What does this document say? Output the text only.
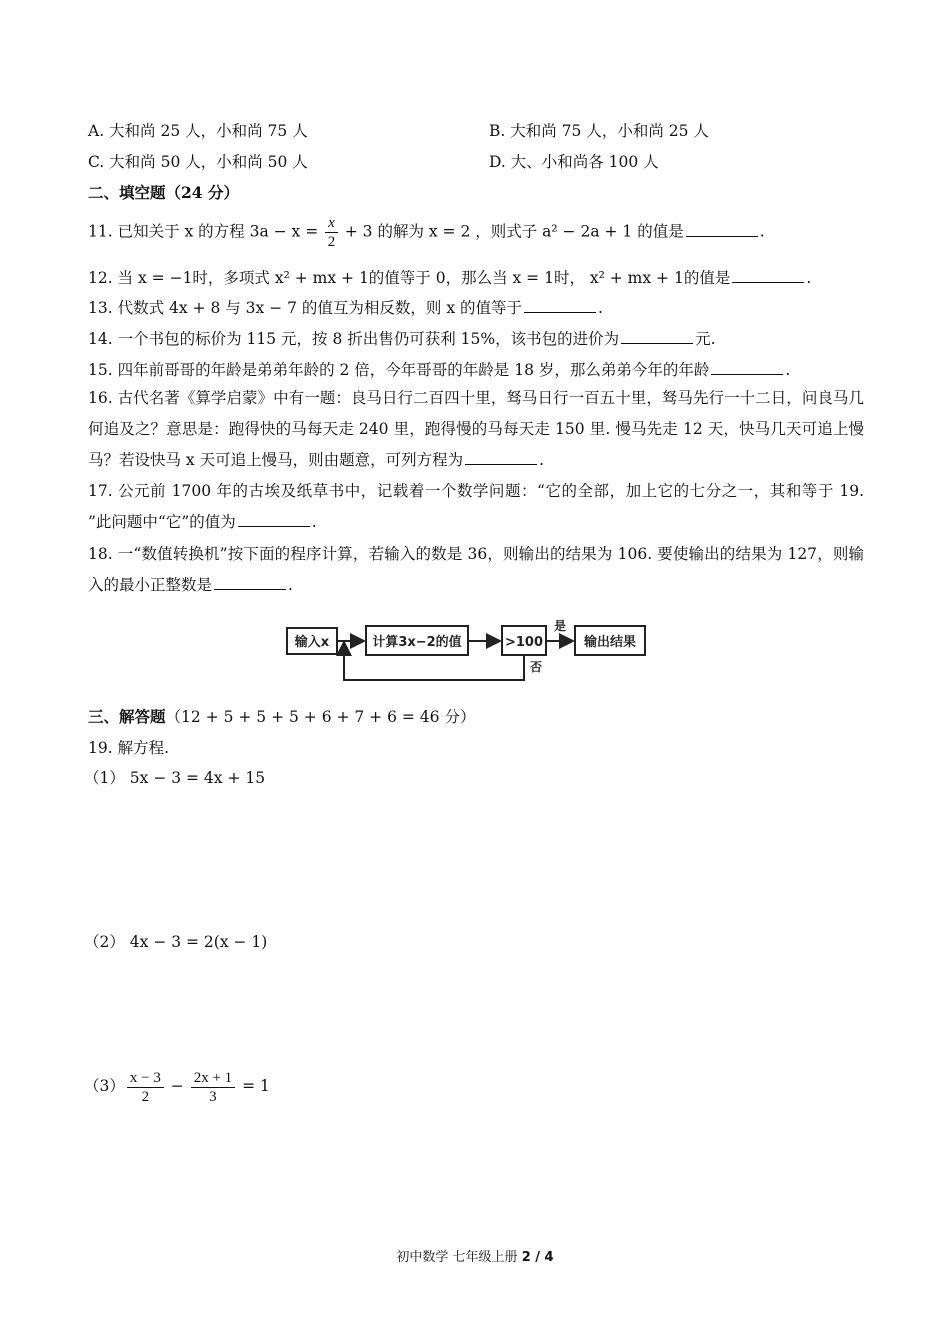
A. 大和尚 25 人，小和尚 75 人	B. 大和尚 75 人，小和尚 25 人
C. 大和尚 50 人，小和尚 50 人	D. 大、小和尚各 100 人
二、填空题（24 分）
11. 已知关于 x 的方程 $3a - x = \frac{x}{2} + 3$ 的解为 x = 2 ，则式子 a² − 2a + 1 的值是	.
12. 当 x = −1时，多项式 x² + mx + 1的值等于 0，那么当 x = 1时， x² + mx + 1的值是	.
13. 代数式 4x + 8 与 3x − 7 的值互为相反数，则 x 的值等于	.
14. 一个书包的标价为 115 元，按 8 折出售仍可获利 15%，该书包的进价为	元.
15. 四年前哥哥的年龄是弟弟年龄的 2 倍，今年哥哥的年龄是 18 岁，那么弟弟今年的年龄	.
16. 古代名著《算学启蒙》中有一题：良马日行二百四十里，驽马日行一百五十里，驽马先行一十二日，问良马几何追及之？意思是：跑得快的马每天走 240 里，跑得慢的马每天走 150 里. 慢马先走 12 天，快马几天可追上慢马？若设快马 x 天可追上慢马，则由题意，可列方程为	.
17. 公元前 1700 年的古埃及纸草书中，记载着一个数学问题：“它的全部，加上它的七分之一，其和等于 19. ”此问题中“它”的值为	.
18. 一“数值转换机”按下面的程序计算，若输入的数是 36，则输出的结果为 106. 要使输出的结果为 127，则输入的最小正整数是	.
输入x	计算3x−2的值	>100
是
输出结果
否
三、解答题（12 + 5 + 5 + 5 + 6 + 7 + 6 = 46 分）
19. 解方程.
（1） 5x − 3 = 4x + 15
（2） 4x − 3 = 2(x − 1)
$(3) \frac{x - 3}{2} - \frac{2x + 1}{3} = 1$
初中数学 七年级上册 2 / 4
